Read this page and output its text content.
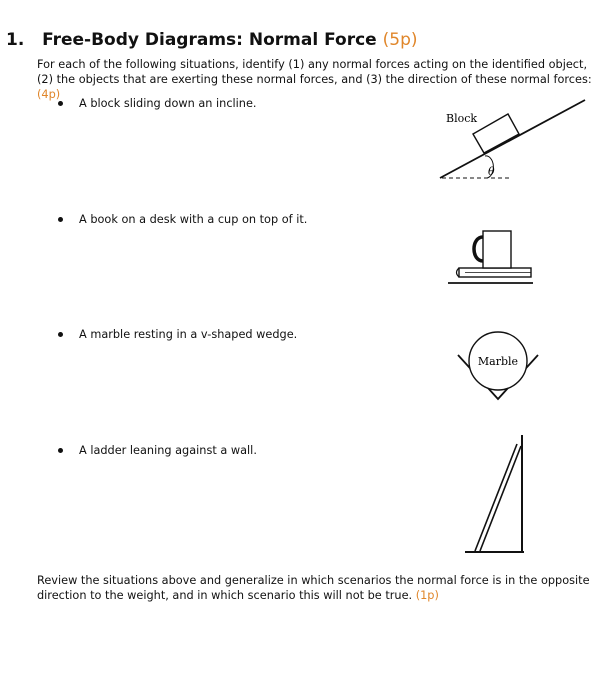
1. Free-Body Diagrams: Normal Force (5p)
For each of the following situations, identify (1) any normal forces acting on the identified object, (2) the objects that are exerting these normal forces, and (3) the direction of these normal forces: (4p)
A block sliding down an incline.
A book on a desk with a cup on top of it.
A marble resting in a v-shaped wedge.
A ladder leaning against a wall.
θ
Block
Marble
Review the situations above and generalize in which scenarios the normal force is in the opposite direction to the weight, and in which scenario this will not be true. (1p)
